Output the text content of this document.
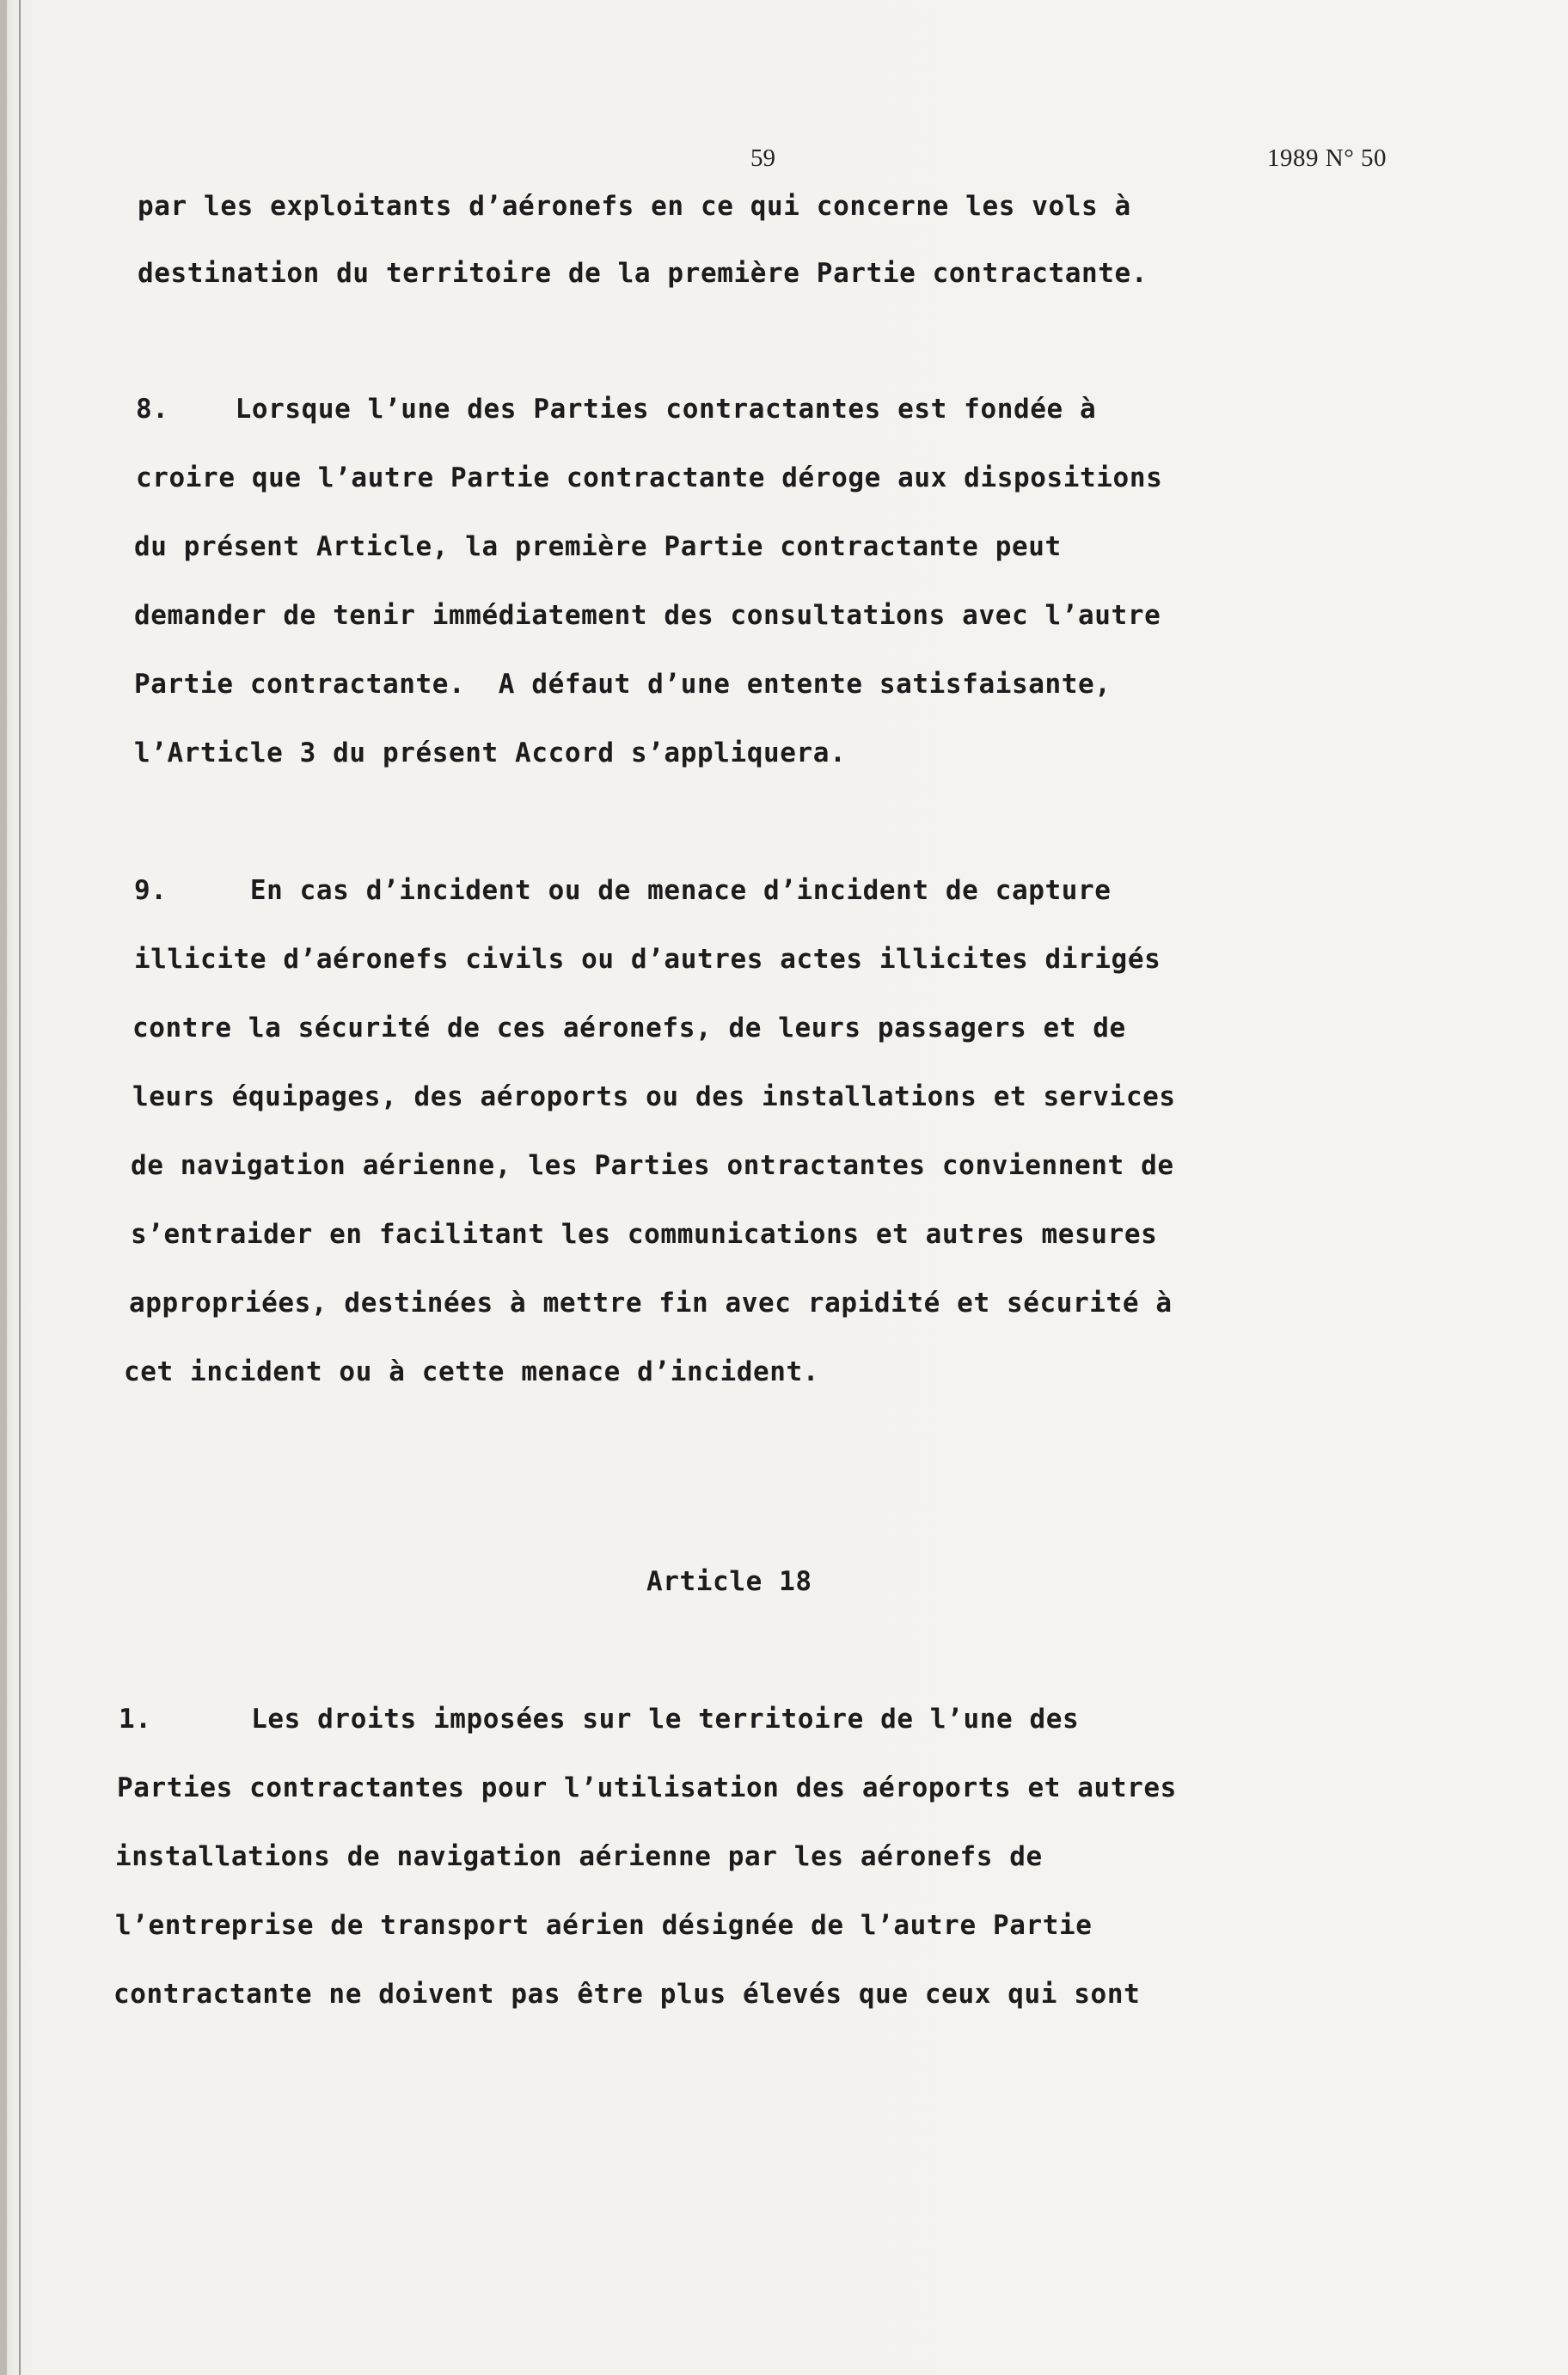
59	1989 N° 50
par les exploitants d’aéronefs en ce qui concerne les vols à
destination du territoire de la première Partie contractante.
8.    Lorsque l’une des Parties contractantes est fondée à
croire que l’autre Partie contractante déroge aux dispositions
du présent Article, la première Partie contractante peut
demander de tenir immédiatement des consultations avec l’autre
Partie contractante.  A défaut d’une entente satisfaisante,
l’Article 3 du présent Accord s’appliquera.
9.     En cas d’incident ou de menace d’incident de capture
illicite d’aéronefs civils ou d’autres actes illicites dirigés
contre la sécurité de ces aéronefs, de leurs passagers et de
leurs équipages, des aéroports ou des installations et services
de navigation aérienne, les Parties ontractantes conviennent de
s’entraider en facilitant les communications et autres mesures
appropriées, destinées à mettre fin avec rapidité et sécurité à
cet incident ou à cette menace d’incident.
Article 18
1.      Les droits imposées sur le territoire de l’une des
Parties contractantes pour l’utilisation des aéroports et autres
installations de navigation aérienne par les aéronefs de
l’entreprise de transport aérien désignée de l’autre Partie
contractante ne doivent pas être plus élevés que ceux qui sont
